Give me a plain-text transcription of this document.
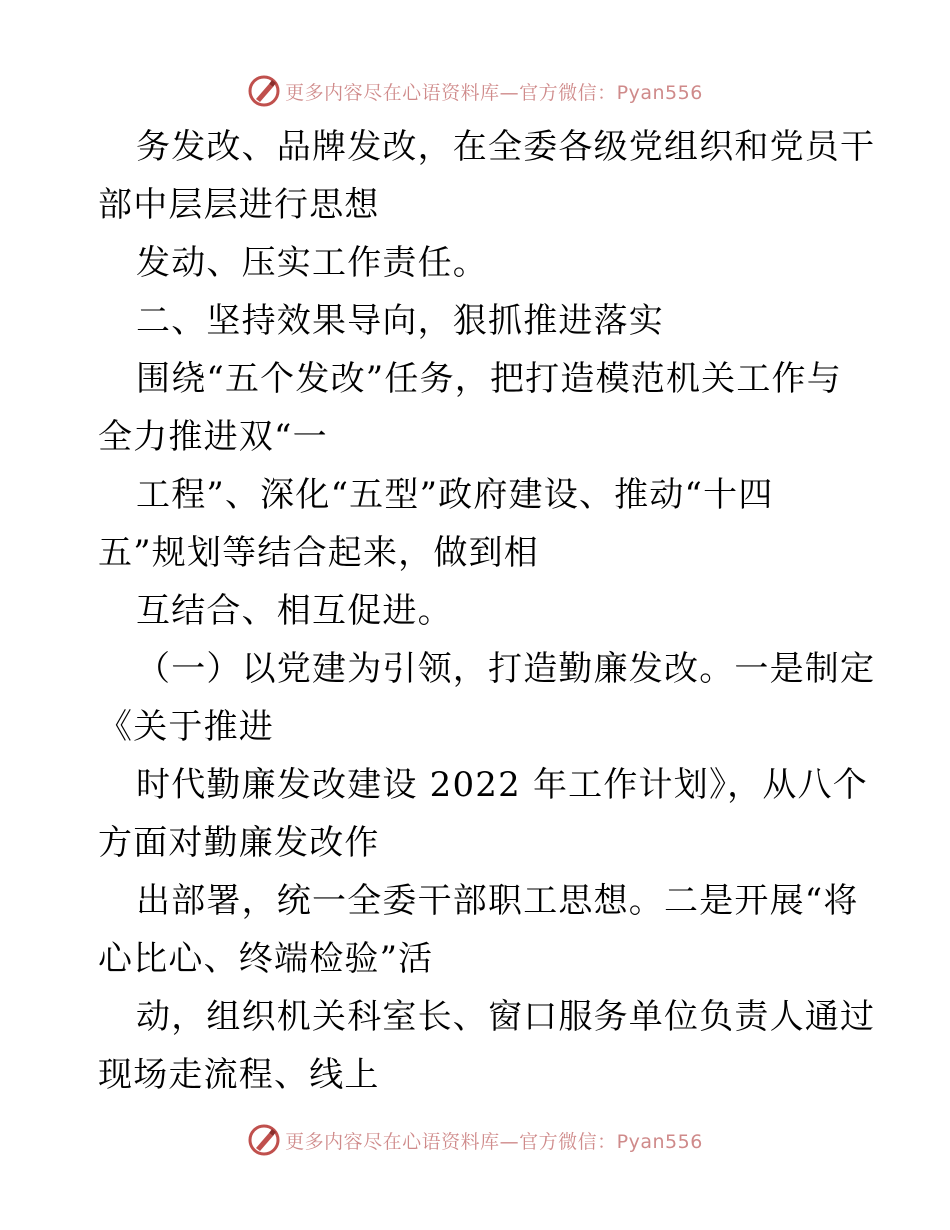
更多内容尽在心语资料库—官方微信：Pyan556
务发改、品牌发改，在全委各级党组织和党员干
部中层层进行思想
发动、压实工作责任。
二、坚持效果导向，狠抓推进落实
围绕“五个发改”任务，把打造模范机关工作与
全力推进双“一
工程”、深化“五型”政府建设、推动“十四
五”规划等结合起来，做到相
互结合、相互促进。
（一）以党建为引领，打造勤廉发改。一是制定
《关于推进
时代勤廉发改建设 2022 年工作计划》，从八个
方面对勤廉发改作
出部署，统一全委干部职工思想。二是开展“将
心比心、终端检验”活
动，组织机关科室长、窗口服务单位负责人通过
现场走流程、线上
更多内容尽在心语资料库—官方微信：Pyan556
